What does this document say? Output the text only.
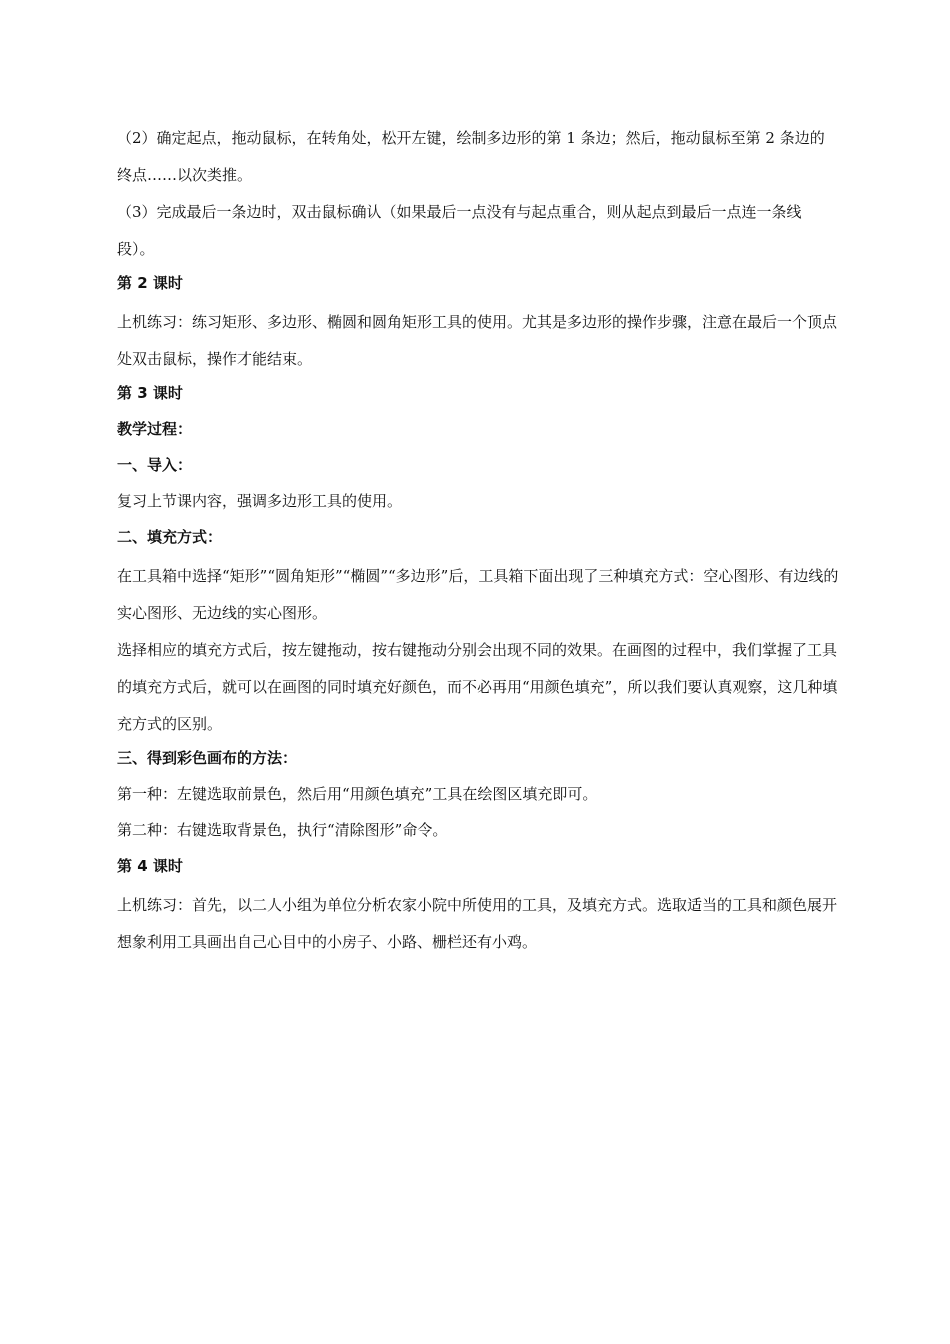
（2）确定起点，拖动鼠标，在转角处，松开左键，绘制多边形的第 1 条边；然后，拖动鼠标至第 2 条边的终点……以次类推。

（3）完成最后一条边时，双击鼠标确认（如果最后一点没有与起点重合，则从起点到最后一点连一条线段）。

第 2 课时

上机练习：练习矩形、多边形、椭圆和圆角矩形工具的使用。尤其是多边形的操作步骤，注意在最后一个顶点处双击鼠标，操作才能结束。

第 3 课时

教学过程：

一、导入：

复习上节课内容，强调多边形工具的使用。

二、填充方式：

在工具箱中选择“矩形”“圆角矩形”“椭圆”“多边形”后，工具箱下面出现了三种填充方式：空心图形、有边线的实心图形、无边线的实心图形。

选择相应的填充方式后，按左键拖动，按右键拖动分别会出现不同的效果。在画图的过程中，我们掌握了工具的填充方式后，就可以在画图的同时填充好颜色，而不必再用“用颜色填充”，所以我们要认真观察，这几种填充方式的区别。

三、得到彩色画布的方法：

第一种：左键选取前景色，然后用“用颜色填充”工具在绘图区填充即可。

第二种：右键选取背景色，执行“清除图形”命令。

第 4 课时

上机练习：首先，以二人小组为单位分析农家小院中所使用的工具，及填充方式。选取适当的工具和颜色展开想象利用工具画出自己心目中的小房子、小路、栅栏还有小鸡。
